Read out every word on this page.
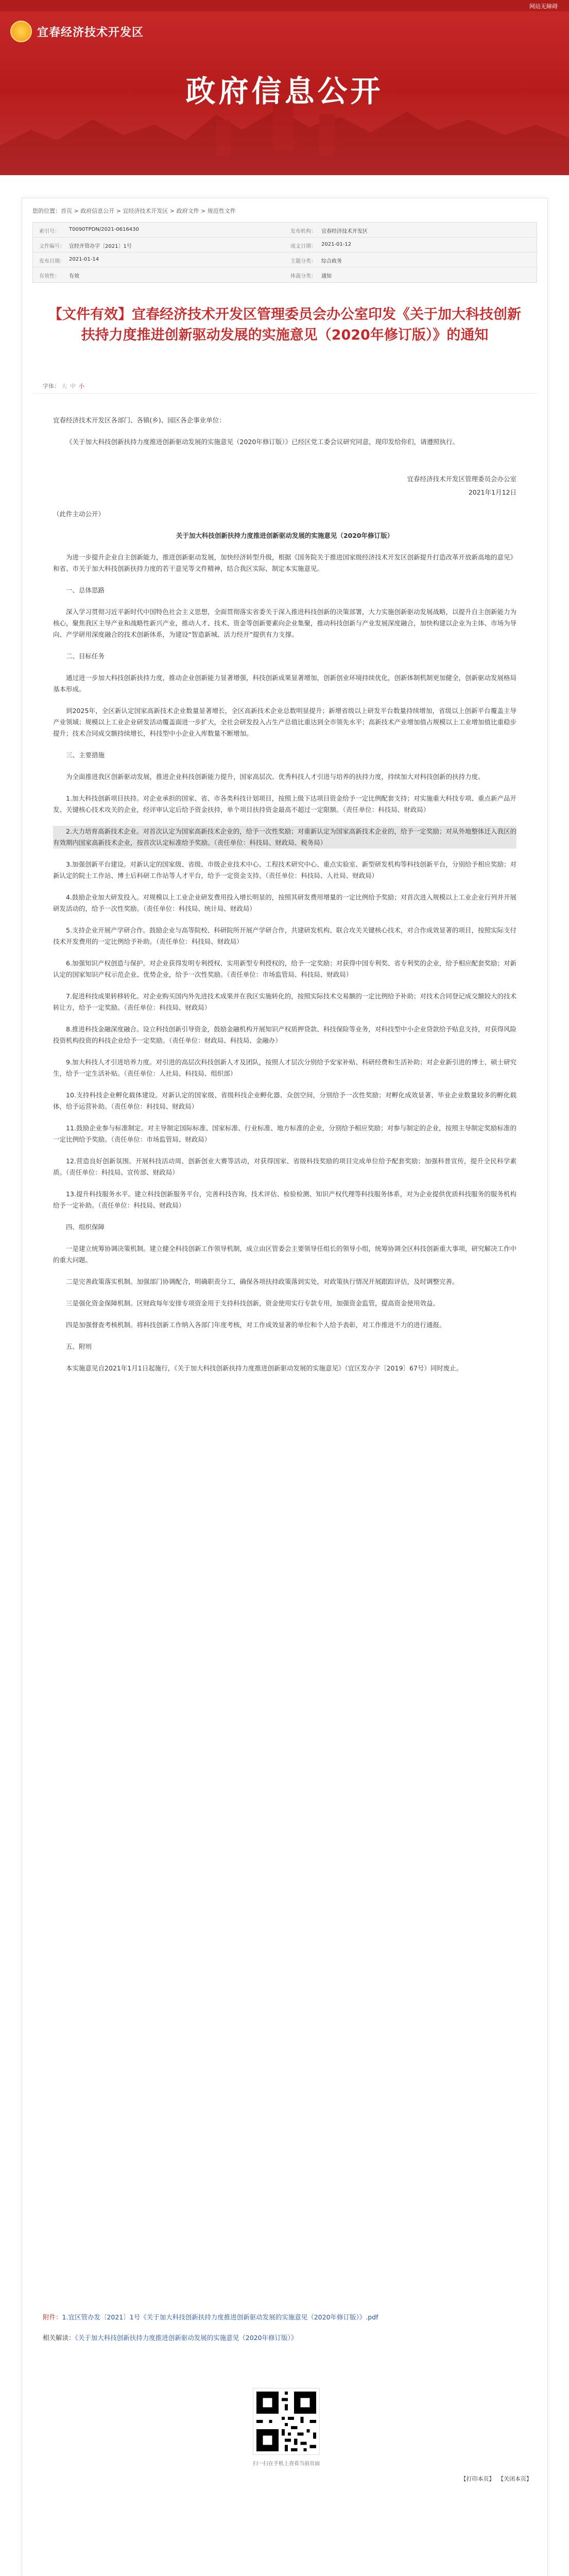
网站无障碍
宜春经济技术开发区
政府信息公开
您的位置：首页 > 政府信息公开 > 宜经济技术开发区 > 政府文件 > 规范性文件
索引号： T0090TPDN/2021-0616430	发布机构： 宜春经济技术开发区
文件编号： 宜经开管办字〔2021〕1号	成文日期： 2021-01-12
发布日期： 2021-01-14	主题分类： 综合政务
有效性： 有效	体裁分类： 通知
【文件有效】宜春经济技术开发区管理委员会办公室印发《关于加大科技创新扶持力度推进创新驱动发展的实施意见（2020年修订版）》的通知
字体： 大 中 小

宜春经济技术开发区各部门、各镇(乡)、园区各企事业单位：

《关于加大科技创新扶持力度推进创新驱动发展的实施意见（2020年修订版）》已经区党工委会议研究同意，现印发给你们，请遵照执行。

宜春经济技术开发区管理委员会办公室

2021年1月12日

（此件主动公开）

关于加大科技创新扶持力度推进创新驱动发展的实施意见（2020年修订版）

为进一步提升企业自主创新能力，推进创新驱动发展，加快经济转型升级，根据《国务院关于推进国家级经济技术开发区创新提升打造改革开放新高地的意见》和省、市关于加大科技创新扶持力度的若干意见等文件精神，结合我区实际，制定本实施意见。

一、总体思路

深入学习贯彻习近平新时代中国特色社会主义思想，全面贯彻落实省委关于深入推进科技创新的决策部署，大力实施创新驱动发展战略，以提升自主创新能力为核心，聚焦我区主导产业和战略性新兴产业，推动人才、技术、资金等创新要素向企业集聚，推动科技创新与产业发展深度融合，加快构建以企业为主体、市场为导向、产学研用深度融合的技术创新体系，为建设“智造新城、活力经开”提供有力支撑。

二、目标任务

通过进一步加大科技创新扶持力度，推动企业创新能力显著增强，科技创新成果显著增加，创新创业环境持续优化，创新体制机制更加健全，创新驱动发展格局基本形成。

到2025年，全区新认定国家高新技术企业数量显著增长，全区高新技术企业总数明显提升；新增省级以上研发平台数量持续增加，省级以上创新平台覆盖主导产业领域；规模以上工业企业研发活动覆盖面进一步扩大，全社会研发投入占生产总值比重达到全市领先水平；高新技术产业增加值占规模以上工业增加值比重稳步提升；技术合同成交额持续增长，科技型中小企业入库数量不断增加。

三、主要措施

为全面推进我区创新驱动发展，推进企业科技创新能力提升，国家高层次、优秀科技人才引进与培养的扶持力度，持续加大对科技创新的扶持力度。

1.加大科技创新项目扶持。对企业承担的国家、省、市各类科技计划项目，按照上级下达项目资金给予一定比例配套支持；对实施重大科技专项、重点新产品开发、关键核心技术攻关的企业，经评审认定后给予资金扶持，单个项目扶持资金最高不超过一定限额。（责任单位：科技局、财政局）

2.大力培育高新技术企业。对首次认定为国家高新技术企业的，给予一次性奖励；对重新认定为国家高新技术企业的，给予一定奖励；对从外地整体迁入我区的有效期内国家高新技术企业，按首次认定标准给予奖励。（责任单位：科技局、财政局、税务局）

3.加强创新平台建设。对新认定的国家级、省级、市级企业技术中心、工程技术研究中心、重点实验室、新型研发机构等科技创新平台，分别给予相应奖励；对新认定的院士工作站、博士后科研工作站等人才平台，给予一定资金支持。（责任单位：科技局、人社局、财政局）

4.鼓励企业加大研发投入。对规模以上工业企业研发费用投入增长明显的，按照其研发费用增量的一定比例给予奖励；对首次进入规模以上工业企业行列并开展研发活动的，给予一次性奖励。（责任单位：科技局、统计局、财政局）

5.支持企业开展产学研合作。鼓励企业与高等院校、科研院所开展产学研合作，共建研发机构、联合攻关关键核心技术，对合作成效显著的项目，按照实际支付技术开发费用的一定比例给予补助。（责任单位：科技局、财政局）

6.加强知识产权创造与保护。对企业获得发明专利授权、实用新型专利授权的，给予一定奖励；对获得中国专利奖、省专利奖的企业，给予相应配套奖励；对新认定的国家知识产权示范企业、优势企业，给予一次性奖励。（责任单位：市场监管局、科技局、财政局）

7.促进科技成果转移转化。对企业购买国内外先进技术成果并在我区实施转化的，按照实际技术交易额的一定比例给予补助；对技术合同登记成交额较大的技术转让方，给予一定奖励。（责任单位：科技局、财政局）

8.推进科技金融深度融合。设立科技创新引导资金，鼓励金融机构开展知识产权质押贷款、科技保险等业务，对科技型中小企业贷款给予贴息支持，对获得风险投资机构投资的科技企业给予一定奖励。（责任单位：财政局、科技局、金融办）

9.加大科技人才引进培养力度。对引进的高层次科技创新人才及团队，按照人才层次分别给予安家补贴、科研经费和生活补助；对企业新引进的博士、硕士研究生，给予一定生活补贴。（责任单位：人社局、科技局、组织部）

10.支持科技企业孵化载体建设。对新认定的国家级、省级科技企业孵化器、众创空间，分别给予一次性奖励；对孵化成效显著、毕业企业数量较多的孵化载体，给予运营补助。（责任单位：科技局、财政局）

11.鼓励企业参与标准制定。对主导制定国际标准、国家标准、行业标准、地方标准的企业，分别给予相应奖励；对参与制定的企业，按照主导制定奖励标准的一定比例给予奖励。（责任单位：市场监管局、财政局）

12.营造良好创新氛围。开展科技活动周、创新创业大赛等活动，对获得国家、省级科技奖励的项目完成单位给予配套奖励；加强科普宣传，提升全民科学素质。（责任单位：科技局、宣传部、财政局）

13.提升科技服务水平。建立科技创新服务平台，完善科技咨询、技术评估、检验检测、知识产权代理等科技服务体系，对为企业提供优质科技服务的服务机构给予一定补助。（责任单位：科技局、财政局）

四、组织保障

一是建立统筹协调决策机制。建立健全科技创新工作领导机制，成立由区管委会主要领导任组长的领导小组，统筹协调全区科技创新重大事项，研究解决工作中的重大问题。

二是完善政策落实机制。加强部门协调配合，明确职责分工，确保各项扶持政策落到实处，对政策执行情况开展跟踪评估，及时调整完善。

三是强化资金保障机制。区财政每年安排专项资金用于支持科技创新，资金使用实行专款专用，加强资金监管，提高资金使用效益。

四是加强督查考核机制。将科技创新工作纳入各部门年度考核，对工作成效显著的单位和个人给予表彰，对工作推进不力的进行通报。

五、附则

本实施意见自2021年1月1日起施行，《关于加大科技创新扶持力度推进创新驱动发展的实施意见》（宜区发办字〔2019〕67号）同时废止。

附件：1.宜区管办发〔2021〕1号《关于加大科技创新扶持力度推进创新驱动发展的实施意见（2020年修订版）》.pdf
相关解读：《关于加大科技创新扶持力度推进创新驱动发展的实施意见（2020年修订版）》
扫一扫在手机上查看当前页面
【打印本页】 【关闭本页】
